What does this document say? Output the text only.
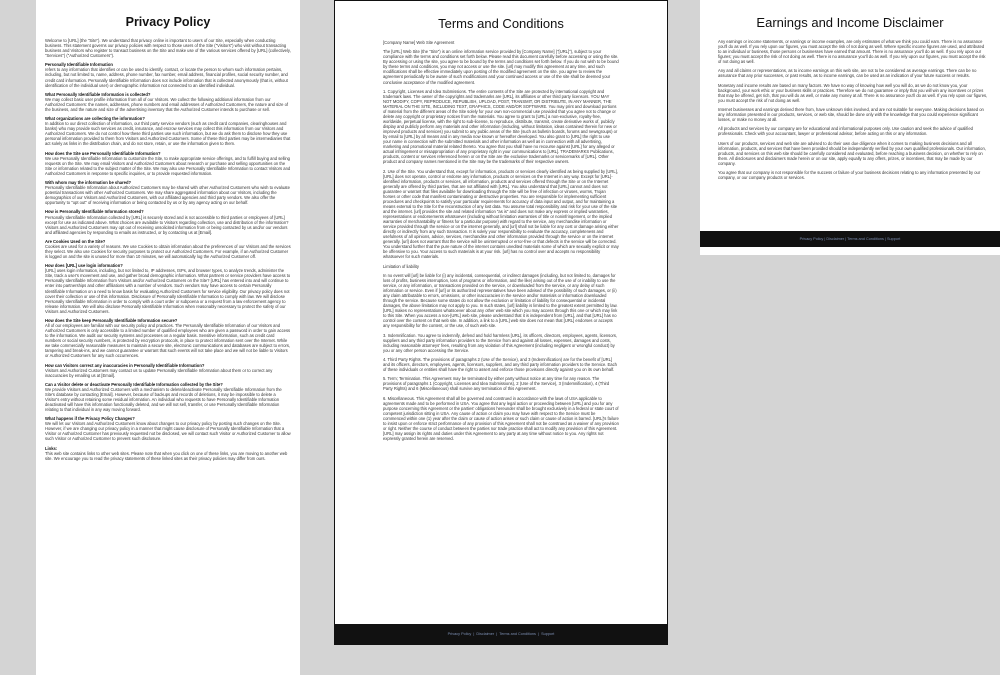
Privacy Policy

Welcome to [URL] (the "Site"). We understand that privacy online is important to users of our Site, especially when conducting business. This statement governs our privacy policies with respect to those users of the Site ("Visitors") who visit without transacting business and Visitors who register to transact business on the Site and make use of the various services offered by [URL] (collectively, "Services") ("Authorized Customers").

Personally Identifiable Information
refers to any information that identifies or can be used to identify, contact, or locate the person to whom such information pertains, including, but not limited to, name, address, phone number, fax number, email address, financial profiles, social security number, and credit card information. Personally Identifiable Information does not include information that is collected anonymously (that is, without identification of the individual user) or demographic information not connected to an identified individual.

What Personally Identifiable Information is collected?
We may collect basic user profile information from all of our Visitors. We collect the following additional information from our Authorized Customers: the names, addresses, phone numbers and email addresses of Authorized Customers, the nature and size of the business, and the nature and size of the advertising inventory that the Authorized Customer intends to purchase or sell.

What organizations are collecting the information?
In addition to our direct collection of information, our third party service vendors (such as credit card companies, clearinghouses and banks) who may provide such services as credit, insurance, and escrow services may collect this information from our Visitors and Authorized Customers. We do not control how these third parties use such information, but we do ask them to disclose how they use personal information provided to them from Visitors and Authorized Customers. Some of these third parties may be intermediaries that act solely as links in the distribution chain, and do not store, retain, or use the information given to them.

How does the Site use Personally Identifiable Information?
We use Personally Identifiable Information to customize the Site, to make appropriate service offerings, and to fulfill buying and selling requests on the Site. We may email Visitors and Authorized Customers about research or purchase and selling opportunities on the Site or information related to the subject matter of the Site. We may also use Personally Identifiable Information to contact Visitors and Authorized Customers in response to specific inquiries, or to provide requested information.

With whom may the information be shared?
Personally Identifiable Information about Authorized Customers may be shared with other Authorized Customers who wish to evaluate potential transactions with other Authorized Customers. We may share aggregated information about our Visitors, including the demographics of our Visitors and Authorized Customers, with our affiliated agencies and third party vendors. We also offer the opportunity to "opt out" of receiving information or being contacted by us or by any agency acting on our behalf.

How is Personally Identifiable Information stored?
Personally Identifiable Information collected by [URL] is securely stored and is not accessible to third parties or employees of [URL] except for use as indicated above. What choices are available to Visitors regarding collection, use and distribution of the information? Visitors and Authorized Customers may opt out of receiving unsolicited information from or being contacted by us and/or our vendors and affiliated agencies by responding to emails as instructed, or by contacting us at [Email].

Are Cookies Used on the Site?
Cookies are used for a variety of reasons. We use Cookies to obtain information about the preferences of our Visitors and the services they select. We also use Cookies for security purposes to protect our Authorized Customers. For example, if an Authorized Customer is logged on and the site is unused for more than 10 minutes, we will automatically log the Authorized Customer off.

How does [URL] use login information?
[URL] uses login information, including, but not limited to, IP addresses, ISPs, and browser types, to analyze trends, administer the Site, track a user's movement and use, and gather broad demographic information. What partners or service providers have access to Personally Identifiable Information from Visitors and/or Authorized Customers on the Site? [URL] has entered into and will continue to enter into partnerships and other affiliations with a number of vendors. Such vendors may have access to certain Personally Identifiable Information on a need to know basis for evaluating Authorized Customers for service eligibility. Our privacy policy does not cover their collection or use of this information. Disclosure of Personally Identifiable Information to comply with law. We will disclose Personally Identifiable Information in order to comply with a court order or subpoena or a request from a law enforcement agency to release information. We will also disclose Personally Identifiable Information when reasonably necessary to protect the safety of our Visitors and Authorized Customers.

How does the Site keep Personally Identifiable Information secure?
All of our employees are familiar with our security policy and practices. The Personally Identifiable Information of our Visitors and Authorized Customers is only accessible to a limited number of qualified employees who are given a password in order to gain access to the information. We audit our security systems and processes on a regular basis. Sensitive information, such as credit card numbers or social security numbers, is protected by encryption protocols, in place to protect information sent over the Internet. While we take commercially reasonable measures to maintain a secure site, electronic communications and databases are subject to errors, tampering and break-ins, and we cannot guarantee or warrant that such events will not take place and we will not be liable to Visitors or Authorized Customers for any such occurrences.

How can Visitors correct any inaccuracies in Personally Identifiable Information?
Visitors and Authorized Customers may contact us to update Personally Identifiable Information about them or to correct any inaccuracies by emailing us at [Email].

Can a Visitor delete or deactivate Personally Identifiable Information collected by the Site?
We provide Visitors and Authorized Customers with a mechanism to delete/deactivate Personally Identifiable Information from the Site's database by contacting [Email]. However, because of backups and records of deletions, it may be impossible to delete a Visitor's entry without retaining some residual information. An individual who requests to have Personally Identifiable Information deactivated will have this information functionally deleted, and we will not sell, transfer, or use Personally Identifiable Information relating to that individual in any way moving forward.

What happens if the Privacy Policy Changes?
We will let our Visitors and Authorized Customers know about changes to our privacy policy by posting such changes on the Site. However, if we are changing our privacy policy in a manner that might cause disclosure of Personally Identifiable Information that a Visitor or Authorized Customer has previously requested not be disclosed, we will contact such Visitor or Authorized Customer to allow such Visitor or Authorized Customer to prevent such disclosure.

Links:
This web site contains links to other web sites. Please note that when you click on one of these links, you are moving to another web site. We encourage you to read the privacy statements of these linked sites as their privacy policies may differ from ours.

Terms and Conditions

[Company Name] Web Site Agreement

The [URL] Web Site (the "Site") is an online information service provided by [Company Name] ("[URL]"), subject to your compliance with the terms and conditions set forth below. Please read this document carefully before accessing or using the site. By accessing or using the site, you agree to be bound by the terms and conditions set forth below. If you do not wish to be bound by these terms and conditions, you may not access or use the site. [url] may modify this agreement at any time, and such modifications shall be effective immediately upon posting of the modified agreement on the site. you agree to review the agreement periodically to be aware of such modifications and your continued access or use of the site shall be deemed your conclusive acceptance of the modified agreement.

1. Copyright, Licenses and Idea Submissions. The entire contents of the Site are protected by international copyright and trademark laws. The owner of the copyrights and trademarks are [URL], its affiliates or other third party licensors. YOU MAY NOT MODIFY, COPY, REPRODUCE, REPUBLISH, UPLOAD, POST, TRANSMIT, OR DISTRIBUTE, IN ANY MANNER, THE MATERIAL ON THE SITE, INCLUDING TEXT, GRAPHICS, CODE AND/OR SOFTWARE. You may print and download portions of material from the different areas of the Site solely for your own non-commercial use provided that you agree not to change or delete any copyright or proprietary notices from the materials. You agree to grant to [URL] a non-exclusive, royalty-free, worldwide, perpetual license, with the right to sub-license, to reproduce, distribute, transmit, create derivative works of, publicly display and publicly perform any materials and other information (including, without limitation, ideas contained therein for new or improved products and services) you submit to any public areas of the Site (such as bulletin boards, forums and newsgroups) or by email to [URL] by all means and in any media now known or hereafter developed. You also grant to [URL] the right to use your name in connection with the submitted materials and other information as well as in connection with all advertising, marketing and promotional material related thereto. You agree that you shall have no recourse against [URL] for any alleged or actual infringement or misappropriation of any proprietary right in your communications to [URL]. TRADEMARKS Publications, products, content or services referenced herein or on the Site are the exclusive trademarks or servicemarks of [URL]. Other product and company names mentioned in the Site may be the trademarks of their respective owners.

2. Use of the Site. You understand that, except for information, products or services clearly identified as being supplied by [URL], [URL] does not operate, control or endorse any information, products or services on the Internet in any way. Except for [URL]-identified information, products or services, all information, products and services offered through the Site or on the Internet generally are offered by third parties, that are not affiliated with [URL]. You also understand that [URL] cannot and does not guarantee or warrant that files available for downloading through the Site will be free of infection or viruses, worms, Trojan horses or other code that manifest contaminating or destructive properties. You are responsible for implementing sufficient procedures and checkpoints to satisfy your particular requirements for accuracy of data input and output, and for maintaining a means external to the Site for the reconstruction of any lost data. You assume total responsibility and risk for your use of the site and the internet. [url] provides the site and related information "as is" and does not make any express or implied warranties, representations or endorsements whatsoever (including without limitation warranties of title or noninfringement, or the implied warranties of merchantability or fitness for a particular purpose) with regard to the service, any merchandise information or service provided through the service or on the internet generally, and [url] shall not be liable for any cost or damage arising either directly or indirectly from any such transaction. It is solely your responsibility to evaluate the accuracy, completeness and usefulness of all opinions, advice, services, merchandise and other information provided through the service or on the internet generally. [url] does not warrant that the service will be uninterrupted or error-free or that defects in the service will be corrected. You understand further that the pure nature of the internet contains unedited materials some of which are sexually explicit or may be offensive to you. Your access to such materials is at your risk. [url] has no control over and accepts no responsibility whatsoever for such materials.

Limitation of liability

In no event will [url] be liable for (i) any incidental, consequential, or indirect damages (including, but not limited to, damages for loss of profits, business interruption, loss of programs or information, and the like) arising out of the use of or inability to use the service, or any information, or transactions provided on the service, or downloaded from the service, or any delay of such information or service. Even if [url] or its authorized representatives have been advised of the possibility of such damages, or (ii) any claim attributable to errors, omissions, or other inaccuracies in the service and/or materials or information downloaded through the service. Because some states do not allow the exclusion or limitation of liability for consequential or incidental damages, the above limitation may not apply to you. In such states, [url] liability is limited to the greatest extent permitted by law. [URL] makes no representations whatsoever about any other web site which you may access through this one or which may link to this Site. When you access a non-[URL] web site, please understand that it is independent from [URL], and that [URL] has no control over the content on that web site. In addition, a link to a [URL] web site does not mean that [URL] endorses or accepts any responsibility for the content, or the use, of such web site.

3. Indemnification. You agree to indemnify, defend and hold harmless [URL], its officers, directors, employees, agents, licensors, suppliers and any third party information providers to the Service from and against all losses, expenses, damages and costs, including reasonable attorneys' fees, resulting from any violation of this Agreement (including negligent or wrongful conduct) by you or any other person accessing the Service.

4. Third Party Rights. The provisions of paragraphs 2 (Use of the Service), and 3 (Indemnification) are for the benefit of [URL] and its officers, directors, employees, agents, licensors, suppliers, and any third party information providers to the Service. Each of these individuals or entities shall have the right to assert and enforce those provisions directly against you on its own behalf.

5. Term; Termination. This Agreement may be terminated by either party without notice at any time for any reason. The provisions of paragraphs 1 (Copyright, Licenses and Idea Submissions), 2 (Use of the Service), 3 (Indemnification), 4 (Third Party Rights) and 6 (Miscellaneous) shall survive any termination of this Agreement.

6. Miscellaneous. This Agreement shall all be governed and construed in accordance with the laws of USA applicable to agreements made and to be performed in USA. You agree that any legal action or proceeding between [URL] and you for any purpose concerning this Agreement or the parties' obligations hereunder shall be brought exclusively in a federal or state court of competent jurisdiction sitting in USA. Any cause of action or claim you may have with respect to the Service must be commenced within one (1) year after the claim or cause of action arises or such claim or cause of action is barred. [URL]'s failure to insist upon or enforce strict performance of any provision of this Agreement shall not be construed as a waiver of any provision or right. Neither the course of conduct between the parties nor trade practice shall act to modify any provision of this Agreement. [URL] may assign its rights and duties under this Agreement to any party at any time without notice to you. Any rights not expressly granted herein are reserved.

Privacy Policy | Disclaimer | Terms and Conditions | Support
Earnings and Income Disclaimer

Any earnings or income statements, or earnings or income examples, are only estimates of what we think you could earn. There is no assurance you'll do as well. If you rely upon our figures, you must accept the risk of not doing as well. Where specific income figures are used, and attributed to an individual or business, those persons or businesses have earned that amount. There is no assurance you'll do as well. If you rely upon our figures; you must accept the risk of not doing as well. There is no assurance you'll do as well. If you rely upon our figures, you must accept the risk of not doing as well.

Any and all claims or representations, as to income earnings on this web site, are not to be considered as average earnings. There can be no assurance that any prior successes, or past results, as to income earnings, can be used as an indication of your future success or results.

Monetary and income results are based on many factors. We have no way of knowing how well you will do, as we do not know you, your background, your work ethic or your business skills or practices. Therefore we do not guarantee or imply that you will win any incentives or prizes that may be offered, get rich, that you will do as well, or make any money at all. There is no assurance you'll do as well. If you rely upon our figures, you must accept the risk of not doing as well.

Internet businesses and earnings derived there from, have unknown risks involved, and are not suitable for everyone. Making decisions based on any information presented in our products, services, or web site, should be done only with the knowledge that you could experience significant losses, or make no money at all.

All products and services by our company are for educational and informational purposes only. Use caution and seek the advice of qualified professionals. Check with your accountant, lawyer or professional advisor, before acting on this or any information.

Users of our products, services and web site are advised to do their own due diligence when it comes to making business decisions and all information, products, and services that have been provided should be independently verified by your own qualified professionals. Our information, products, and services on this web site should be carefully considered and evaluated, before reaching a business decision, on whether to rely on them. All disclosures and disclaimers made herein or on our site, apply equally to any offers, prizes, or incentives, that may be made by our company.

You agree that our company is not responsible for the success or failure of your business decisions relating to any information presented by our company, or our company products or services.

Privacy Policy | Disclaimer | Terms and Conditions | Support
